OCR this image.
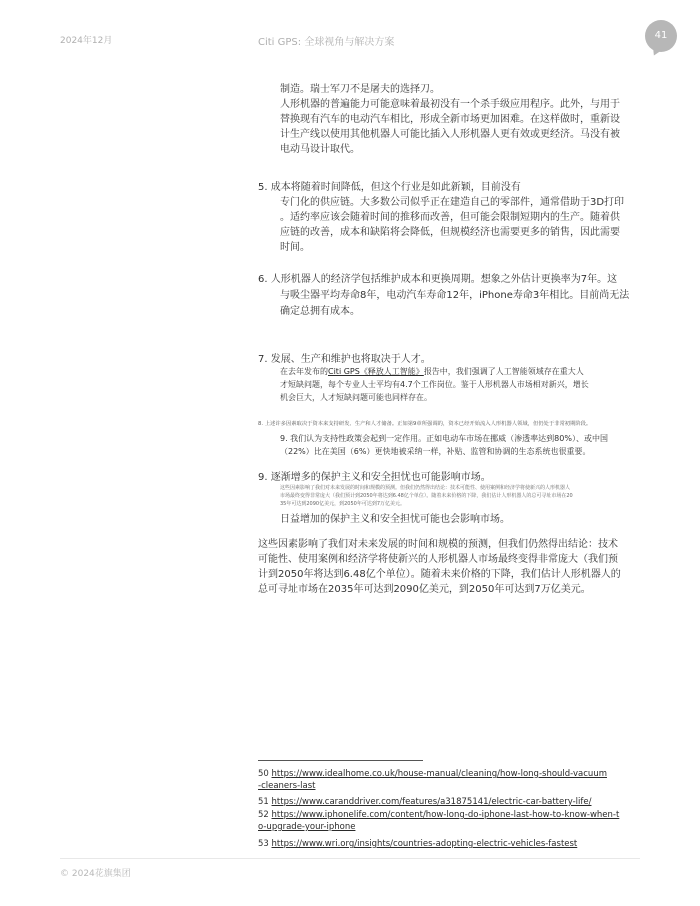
2024年12月	Citi GPS: 全球视角与解决方案
41
制造。瑞士军刀不是屠夫的选择刀。
人形机器的普遍能力可能意味着最初没有一个杀手级应用程序。此外，与用于
替换现有汽车的电动汽车相比，形成全新市场更加困难。在这样做时，重新设
计生产线以使用其他机器人可能比插入人形机器人更有效或更经济。马没有被
电动马设计取代。
5. 成本将随着时间降低，但这个行业是如此新颖，目前没有
专门化的供应链。大多数公司似乎正在建造自己的零部件，通常借助于3D打印
。适约率应该会随着时间的推移而改善，但可能会限制短期内的生产。随着供
应链的改善，成本和缺陷将会降低，但规模经济也需要更多的销售，因此需要
时间。
6. 人形机器人的经济学包括维护成本和更换周期。想象之外估计更换率为7年。这
与吸尘器平均寿命8年，电动汽车寿命12年，iPhone寿命3年相比。目前尚无法
确定总拥有成本。
7. 发展、生产和维护也将取决于人才。
在去年发布的Citi GPS《释放人工智能》报告中，我们强调了人工智能领域存在重大人
才短缺问题，每个专业人士平均有4.7个工作岗位。鉴于人形机器人市场相对新兴，增长
机会巨大，人才短缺问题可能也同样存在。
8. 上述许多因素取决于资本来支持研发、生产和人才储备。正如第9章所强调的，资本已经开始流入人形机器人领域，但仍处于非常初期阶段。
9. 我们认为支持性政策会起到一定作用。正如电动车市场在挪威（渗透率达到80%）、或中国
（22%）比在美国（6%）更快地被采纳一样，补贴、监管和协调的生态系统也很重要。
9. 逐渐增多的保护主义和安全担忧也可能影响市场。
这些因素影响了我们对未来发展的时间和规模的预测。但我们仍然得出结论：技术可能性、使用案例和经济学将使新兴的人形机器人
市场最终变得非常庞大（我们预计到2050年将达到6.48亿个单位）。随着未来价格的下降，我们估计人形机器人的总可寻址市场在20
35年可达到2090亿美元，到2050年可达到7万亿美元。
日益增加的保护主义和安全担忧可能也会影响市场。
这些因素影响了我们对未来发展的时间和规模的预测，但我们仍然得出结论：技术
可能性、使用案例和经济学将使新兴的人形机器人市场最终变得非常庞大（我们预
计到2050年将达到6.48亿个单位）。随着未来价格的下降，我们估计人形机器人的
总可寻址市场在2035年可达到2090亿美元，到2050年可达到7万亿美元。
50 https://www.idealhome.co.uk/house-manual/cleaning/how-long-should-vacuum
-cleaners-last
51 https://www.caranddriver.com/features/a31875141/electric-car-battery-life/
52 https://www.iphonelife.com/content/how-long-do-iphone-last-how-to-know-when-t
o-upgrade-your-iphone
53 https://www.wri.org/insights/countries-adopting-electric-vehicles-fastest
© 2024花旗集团
